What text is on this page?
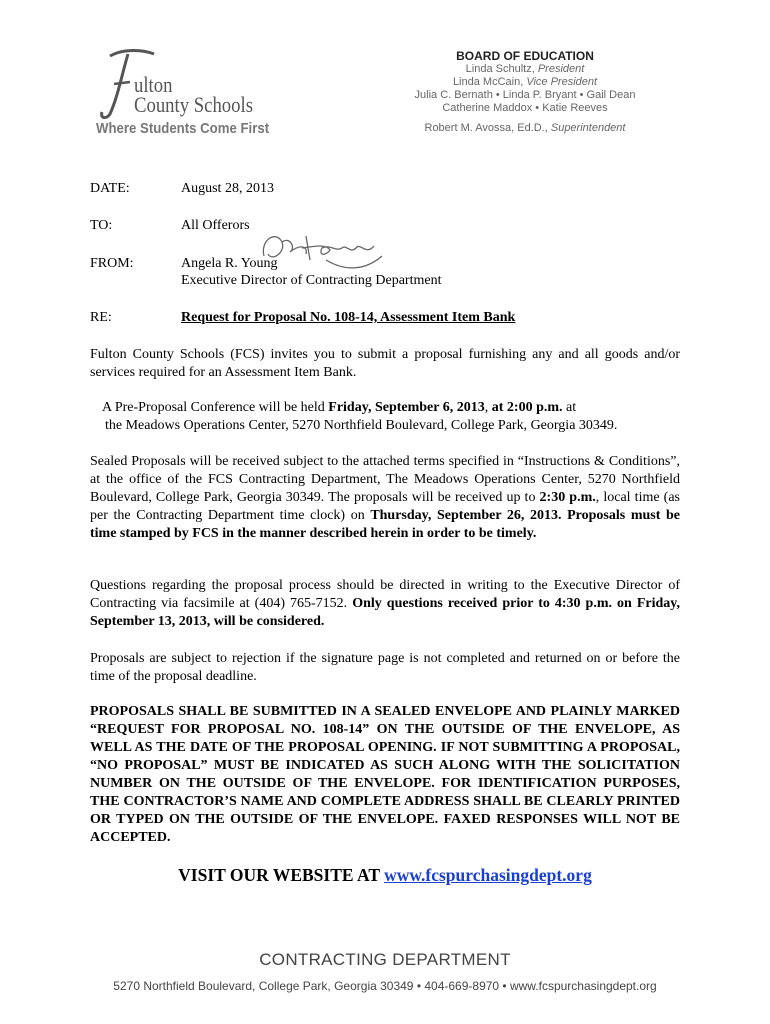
ulton
County Schools
Where Students Come First
BOARD OF EDUCATION
Linda Schultz, President
Linda McCain, Vice President
Julia C. Bernath • Linda P. Bryant • Gail Dean
Catherine Maddox • Katie Reeves
Robert M. Avossa, Ed.D., Superintendent
DATE:	August 28, 2013
TO:	All Offerors
FROM:	Angela R. Young
Executive Director of Contracting Department
RE:	Request for Proposal No. 108-14, Assessment Item Bank
Fulton County Schools (FCS) invites you to submit a proposal furnishing any and all goods and/or services required for an Assessment Item Bank.
A Pre-Proposal Conference will be held Friday, September 6, 2013, at 2:00 p.m. at
the Meadows Operations Center, 5270 Northfield Boulevard, College Park, Georgia 30349.
Sealed Proposals will be received subject to the attached terms specified in “Instructions & Conditions”, at the office of the FCS Contracting Department, The Meadows Operations Center, 5270 Northfield Boulevard, College Park, Georgia 30349. The proposals will be received up to 2:30 p.m., local time (as per the Contracting Department time clock) on Thursday, September 26, 2013. Proposals must be time stamped by FCS in the manner described herein in order to be timely.
Questions regarding the proposal process should be directed in writing to the Executive Director of Contracting via facsimile at (404) 765-7152. Only questions received prior to 4:30 p.m. on Friday, September 13, 2013, will be considered.
Proposals are subject to rejection if the signature page is not completed and returned on or before the time of the proposal deadline.
PROPOSALS SHALL BE SUBMITTED IN A SEALED ENVELOPE AND PLAINLY MARKED “REQUEST FOR PROPOSAL NO. 108-14” ON THE OUTSIDE OF THE ENVELOPE, AS WELL AS THE DATE OF THE PROPOSAL OPENING. IF NOT SUBMITTING A PROPOSAL, “NO PROPOSAL” MUST BE INDICATED AS SUCH ALONG WITH THE SOLICITATION NUMBER ON THE OUTSIDE OF THE ENVELOPE. FOR IDENTIFICATION PURPOSES, THE CONTRACTOR’S NAME AND COMPLETE ADDRESS SHALL BE CLEARLY PRINTED OR TYPED ON THE OUTSIDE OF THE ENVELOPE. FAXED RESPONSES WILL NOT BE ACCEPTED.
VISIT OUR WEBSITE AT www.fcspurchasingdept.org
CONTRACTING DEPARTMENT
5270 Northfield Boulevard, College Park, Georgia 30349 • 404-669-8970 • www.fcspurchasingdept.org
